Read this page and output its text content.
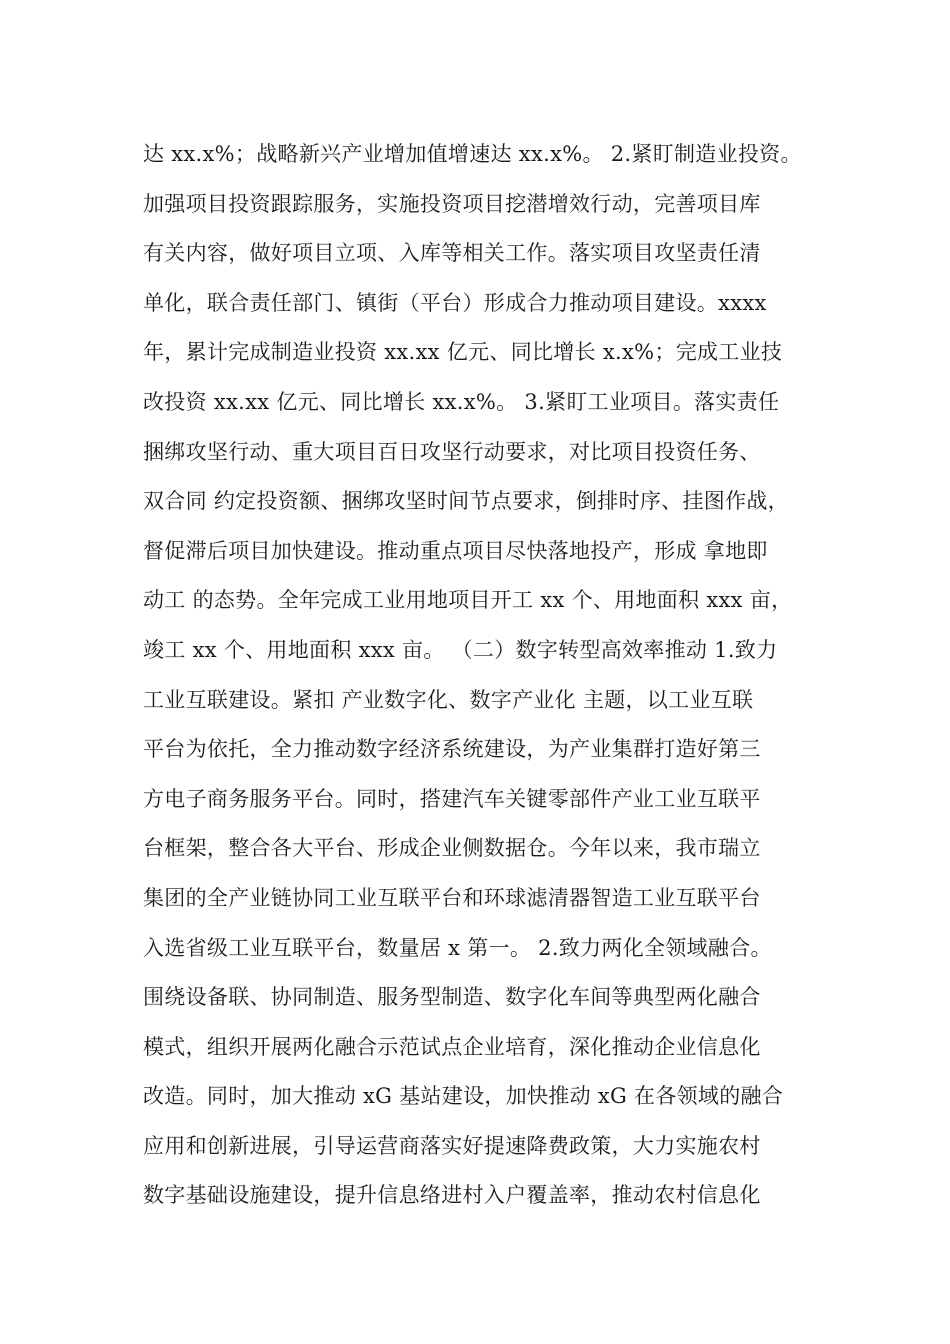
达 xx.x%；战略新兴产业增加值增速达 xx.x%。 2.紧盯制造业投资。
加强项目投资跟踪服务，实施投资项目挖潜增效行动，完善项目库
有关内容，做好项目立项、入库等相关工作。落实项目攻坚责任清
单化，联合责任部门、镇街（平台）形成合力推动项目建设。xxxx
年，累计完成制造业投资 xx.xx 亿元、同比增长 x.x%；完成工业技
改投资 xx.xx 亿元、同比增长 xx.x%。 3.紧盯工业项目。落实责任
捆绑攻坚行动、重大项目百日攻坚行动要求，对比项目投资任务、
双合同 约定投资额、捆绑攻坚时间节点要求，倒排时序、挂图作战，
督促滞后项目加快建设。推动重点项目尽快落地投产，形成 拿地即
动工 的态势。全年完成工业用地项目开工 xx 个、用地面积 xxx 亩，
竣工 xx 个、用地面积 xxx 亩。 （二）数字转型高效率推动 1.致力
工业互联建设。紧扣 产业数字化、数字产业化 主题，以工业互联
平台为依托，全力推动数字经济系统建设，为产业集群打造好第三
方电子商务服务平台。同时，搭建汽车关键零部件产业工业互联平
台框架，整合各大平台、形成企业侧数据仓。今年以来，我市瑞立
集团的全产业链协同工业互联平台和环球滤清器智造工业互联平台
入选省级工业互联平台，数量居 x 第一。 2.致力两化全领域融合。
围绕设备联、协同制造、服务型制造、数字化车间等典型两化融合
模式，组织开展两化融合示范试点企业培育，深化推动企业信息化
改造。同时，加大推动 xG 基站建设，加快推动 xG 在各领域的融合
应用和创新进展，引导运营商落实好提速降费政策，大力实施农村
数字基础设施建设，提升信息络进村入户覆盖率，推动农村信息化
